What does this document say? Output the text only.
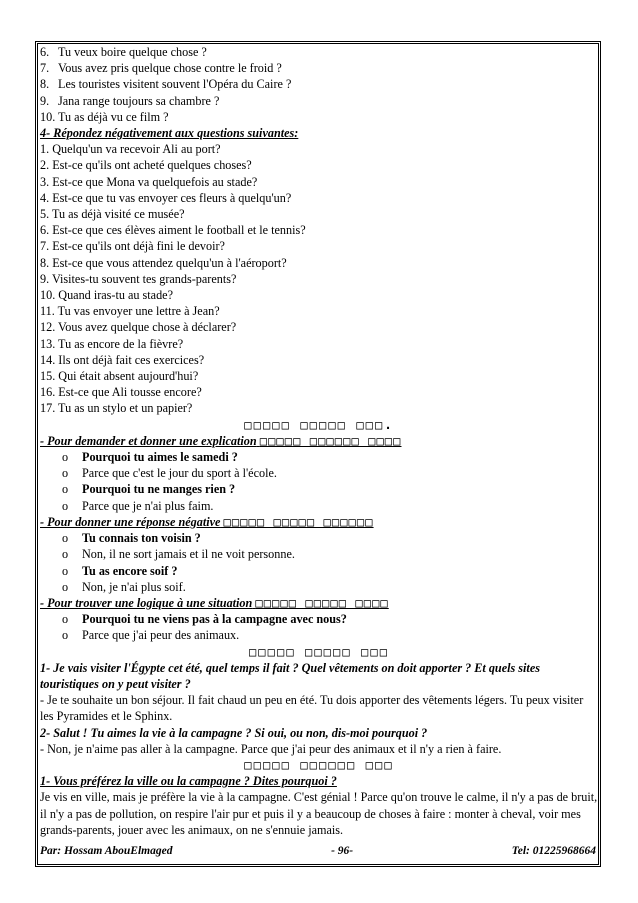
6. Tu veux boire quelque chose ?
7. Vous avez pris quelque chose contre le froid ?
8. Les touristes visitent souvent l'Opéra du Caire ?
9. Jana range toujours sa chambre ?
10. Tu as déjà vu ce film ?
4- Répondez négativement aux questions suivantes:
1. Quelqu'un va recevoir Ali au port?
2. Est-ce qu'ils ont acheté quelques choses?
3. Est-ce que Mona va quelquefois au stade?
4. Est-ce que tu vas envoyer ces fleurs à quelqu'un?
5. Tu as déjà visité ce musée?
6. Est-ce que ces élèves aiment le football et le tennis?
7. Est-ce qu'ils ont déjà fini le devoir?
8. Est-ce que vous attendez quelqu'un à l'aéroport?
9. Visites-tu souvent tes grands-parents?
10. Quand iras-tu au stade?
11. Tu vas envoyer une lettre à Jean?
12. Vous avez quelque chose à déclarer?
13. Tu as encore de la fièvre?
14. Ils ont déjà fait ces exercices?
15. Qui était absent aujourd'hui?
16. Est-ce que Ali tousse encore?
17. Tu as un stylo et un papier?
□□□□□ □□□□□ □□□.
- Pour demander et donner une explication □□□□□ □□□□□□ □□□□
o Pourquoi tu aimes le samedi ?
o Parce que c'est le jour du sport à l'école.
o Pourquoi tu ne manges rien ?
o Parce que je n'ai plus faim.
- Pour donner une réponse négative □□□□□ □□□□□ □□□□□□
o Tu connais ton voisin ?
o Non, il ne sort jamais et il ne voit personne.
o Tu as encore soif ?
o Non, je n'ai plus soif.
- Pour trouver une logique à une situation □□□□□ □□□□□ □□□□
o Pourquoi tu ne viens pas à la campagne avec nous?
o Parce que j'ai peur des animaux.
□□□□□ □□□□□ □□□
1- Je vais visiter l'Égypte cet été, quel temps il fait ? Quel vêtements on doit apporter ? Et quels sites touristiques on y peut visiter ?
- Je te souhaite un bon séjour. Il fait chaud un peu en été. Tu dois apporter des vêtements légers. Tu peux visiter les Pyramides et le Sphinx.
2- Salut ! Tu aimes la vie à la campagne ? Si oui, ou non, dis-moi pourquoi ?
- Non, je n'aime pas aller à la campagne. Parce que j'ai peur des animaux et il n'y a rien à faire.
□□□□□ □□□□□□ □□□
1- Vous préférez la ville ou la campagne ? Dites pourquoi ?
Je vis en ville, mais je préfère la vie à la campagne. C'est génial ! Parce qu'on trouve le calme, il n'y a pas de bruit, il n'y a pas de pollution, on respire l'air pur et puis il y a beaucoup de choses à faire : monter à cheval, voir mes grands-parents, jouer avec les animaux, on ne s'ennuie jamais.
Par: Hossam AbouElmaged	- 96-	Tel: 01225968664
